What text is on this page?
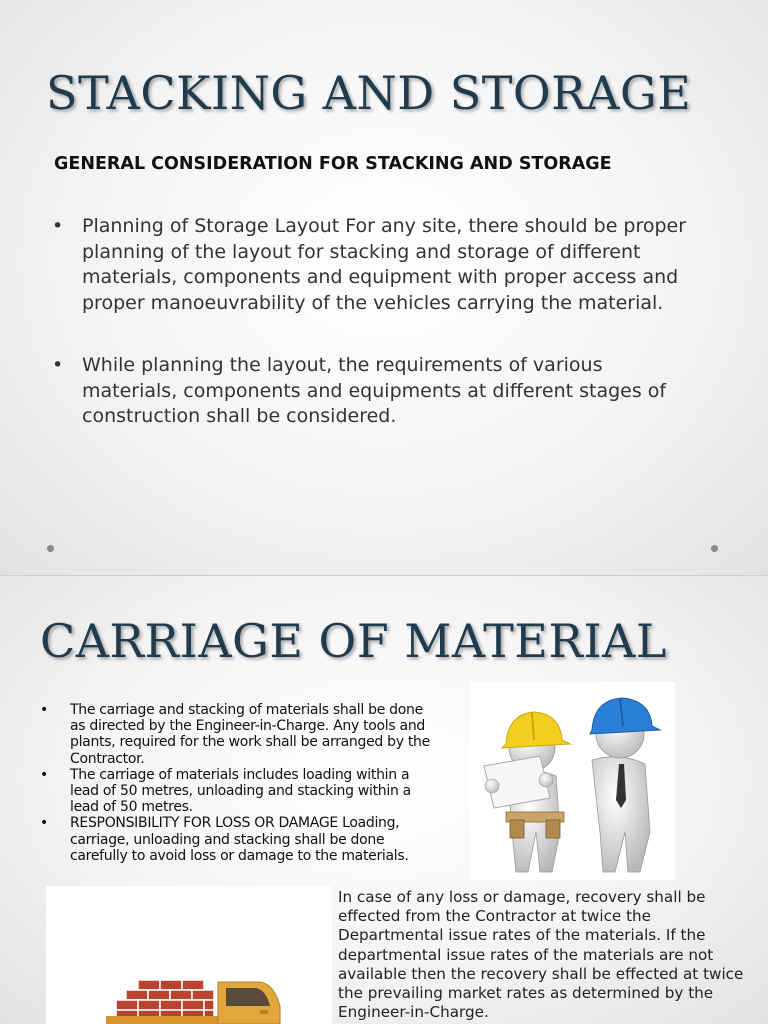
STACKING AND STORAGE
GENERAL CONSIDERATION FOR STACKING AND STORAGE
• Planning of Storage Layout For any site, there should be proper planning of the layout for stacking and storage of different materials, components and equipment with proper access and proper manoeuvrability of the vehicles carrying the material.
• While planning the layout, the requirements of various materials, components and equipments at different stages of construction shall be considered.
CARRIAGE OF MATERIAL
• The carriage and stacking of materials shall be done as directed by the Engineer-in-Charge. Any tools and plants, required for the work shall be arranged by the Contractor.
• The carriage of materials includes loading within a lead of 50 metres, unloading and stacking within a lead of 50 metres.
• RESPONSIBILITY FOR LOSS OR DAMAGE Loading, carriage, unloading and stacking shall be done carefully to avoid loss or damage to the materials.
In case of any loss or damage, recovery shall be effected from the Contractor at twice the Departmental issue rates of the materials. If the departmental issue rates of the materials are not available then the recovery shall be effected at twice the prevailing market rates as determined by the Engineer-in-Charge.
